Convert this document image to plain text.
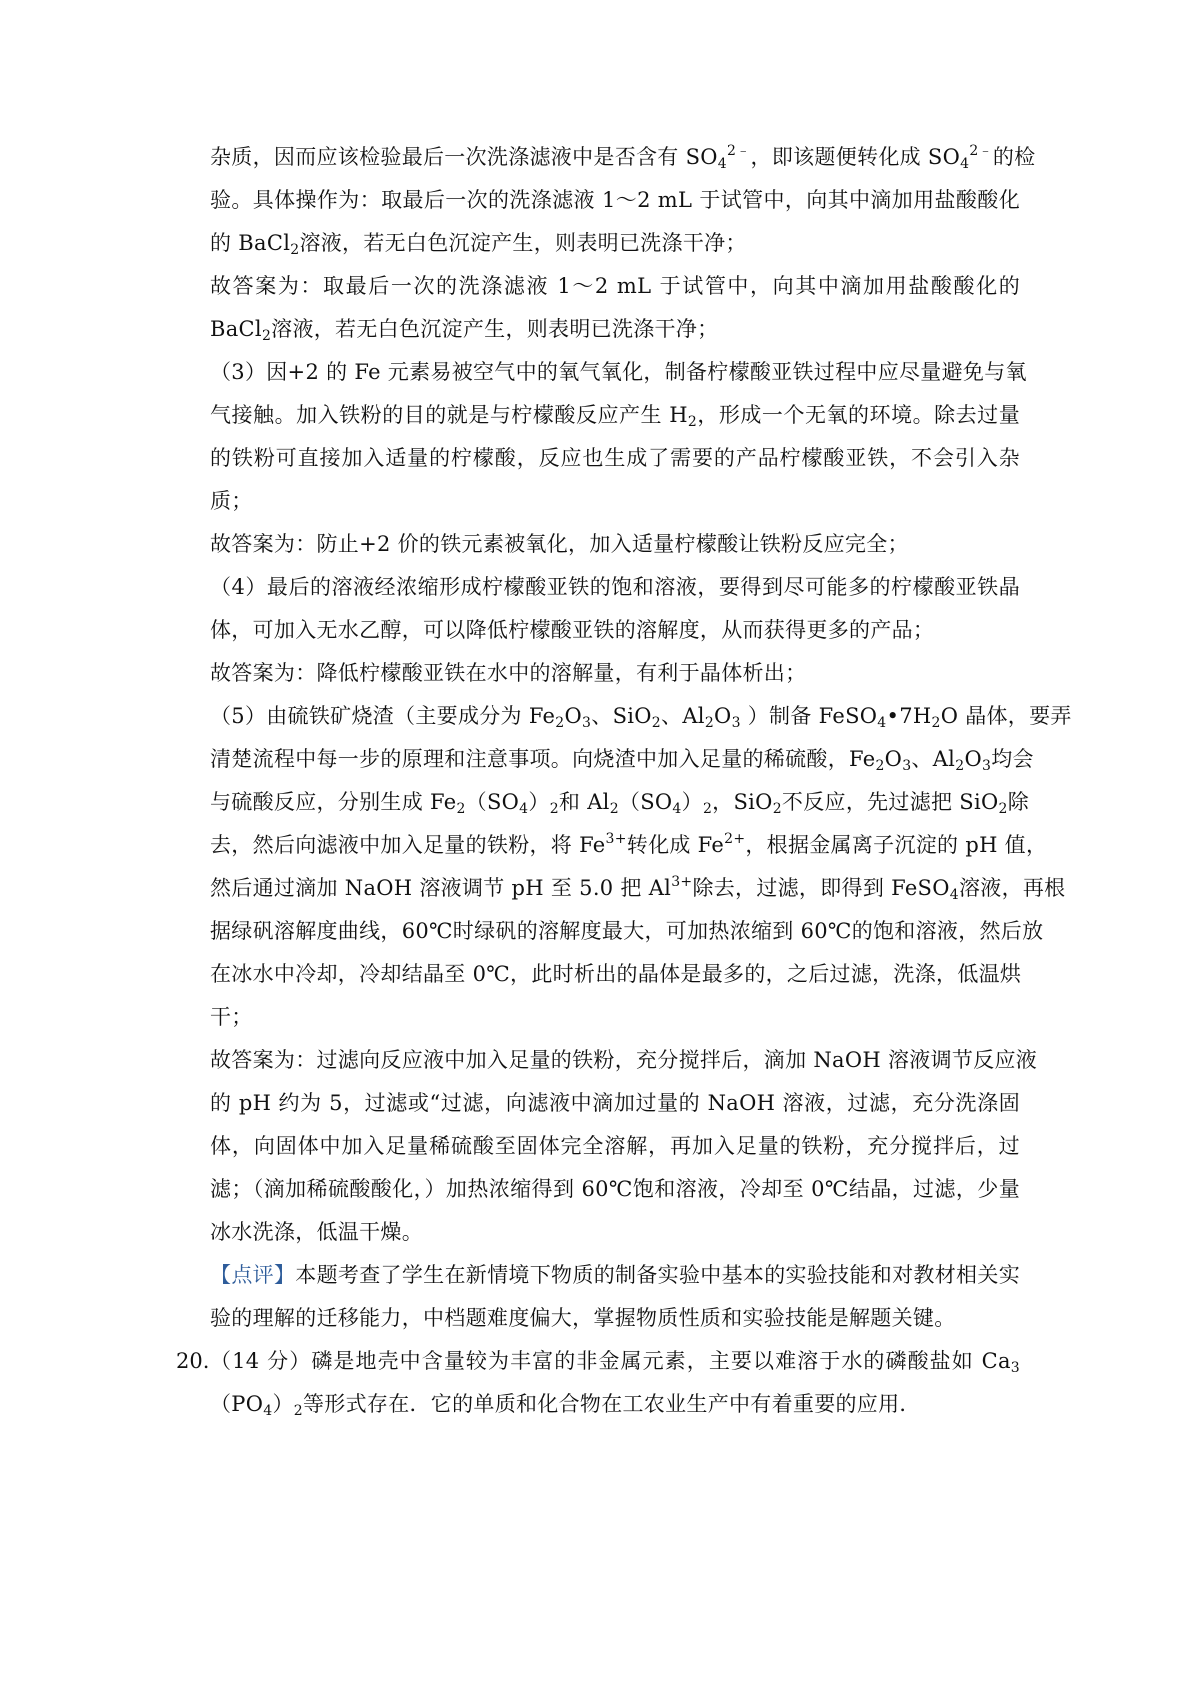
杂质，因而应该检验最后一次洗涤滤液中是否含有 $SO_4^{2﹣}$，即该题便转化成 $SO_4^{2﹣}$的检
验。具体操作为：取最后一次的洗涤滤液 1～2 mL 于试管中，向其中滴加用盐酸酸化
的 BaCl$_2$溶液，若无白色沉淀产生，则表明已洗涤干净；
故答案为：取最后一次的洗涤滤液 1～2 mL 于试管中，向其中滴加用盐酸酸化的
BaCl$_2$溶液，若无白色沉淀产生，则表明已洗涤干净；
（3）因+2 的 Fe 元素易被空气中的氧气氧化，制备柠檬酸亚铁过程中应尽量避免与氧
气接触。加入铁粉的目的就是与柠檬酸反应产生 $H_2$，形成一个无氧的环境。除去过量
的铁粉可直接加入适量的柠檬酸，反应也生成了需要的产品柠檬酸亚铁，不会引入杂
质；
故答案为：防止+2 价的铁元素被氧化，加入适量柠檬酸让铁粉反应完全；
（4）最后的溶液经浓缩形成柠檬酸亚铁的饱和溶液，要得到尽可能多的柠檬酸亚铁晶
体，可加入无水乙醇，可以降低柠檬酸亚铁的溶解度，从而获得更多的产品；
故答案为：降低柠檬酸亚铁在水中的溶解量，有利于晶体析出；
（5）由硫铁矿烧渣（主要成分为 $Fe_2O_3$、SiO$_2$、$Al_2O_3$ ）制备 $FeSO_4•7H_2O$ 晶体，要弄
清楚流程中每一步的原理和注意事项。向烧渣中加入足量的稀硫酸，$Fe_2O_3$、$Al_2O_3$均会
与硫酸反应，分别生成 $Fe_2(SO_4)_2$和 $Al_2(SO_4)_2$，SiO$_2$不反应，先过滤把 SiO$_2$除
去，然后向滤液中加入足量的铁粉，将 $Fe^{3+}$转化成 $Fe^{2+}$，根据金属离子沉淀的 pH 值，
然后通过滴加 NaOH 溶液调节 pH 至 5.0 把 $Al^{3+}$除去，过滤，即得到 FeSO$_4$溶液，再根
据绿矾溶解度曲线，60℃时绿矾的溶解度最大，可加热浓缩到 60℃的饱和溶液，然后放
在冰水中冷却，冷却结晶至 0℃，此时析出的晶体是最多的，之后过滤，洗涤，低温烘
干；
故答案为：过滤向反应液中加入足量的铁粉，充分搅拌后，滴加 NaOH 溶液调节反应液
的 pH 约为 5，过滤或“过滤，向滤液中滴加过量的 NaOH 溶液，过滤，充分洗涤固
体，向固体中加入足量稀硫酸至固体完全溶解，再加入足量的铁粉，充分搅拌后，过
滤；（滴加稀硫酸酸化，）加热浓缩得到 60℃饱和溶液，冷却至 0℃结晶，过滤，少量
冰水洗涤，低温干燥。
【点评】本题考查了学生在新情境下物质的制备实验中基本的实验技能和对教材相关实
验的理解的迁移能力，中档题难度偏大，掌握物质性质和实验技能是解题关键。
20. （14 分）磷是地壳中含量较为丰富的非金属元素，主要以难溶于水的磷酸盐如 $Ca_3$
$(PO_4)_2$等形式存在．它的单质和化合物在工农业生产中有着重要的应用．
